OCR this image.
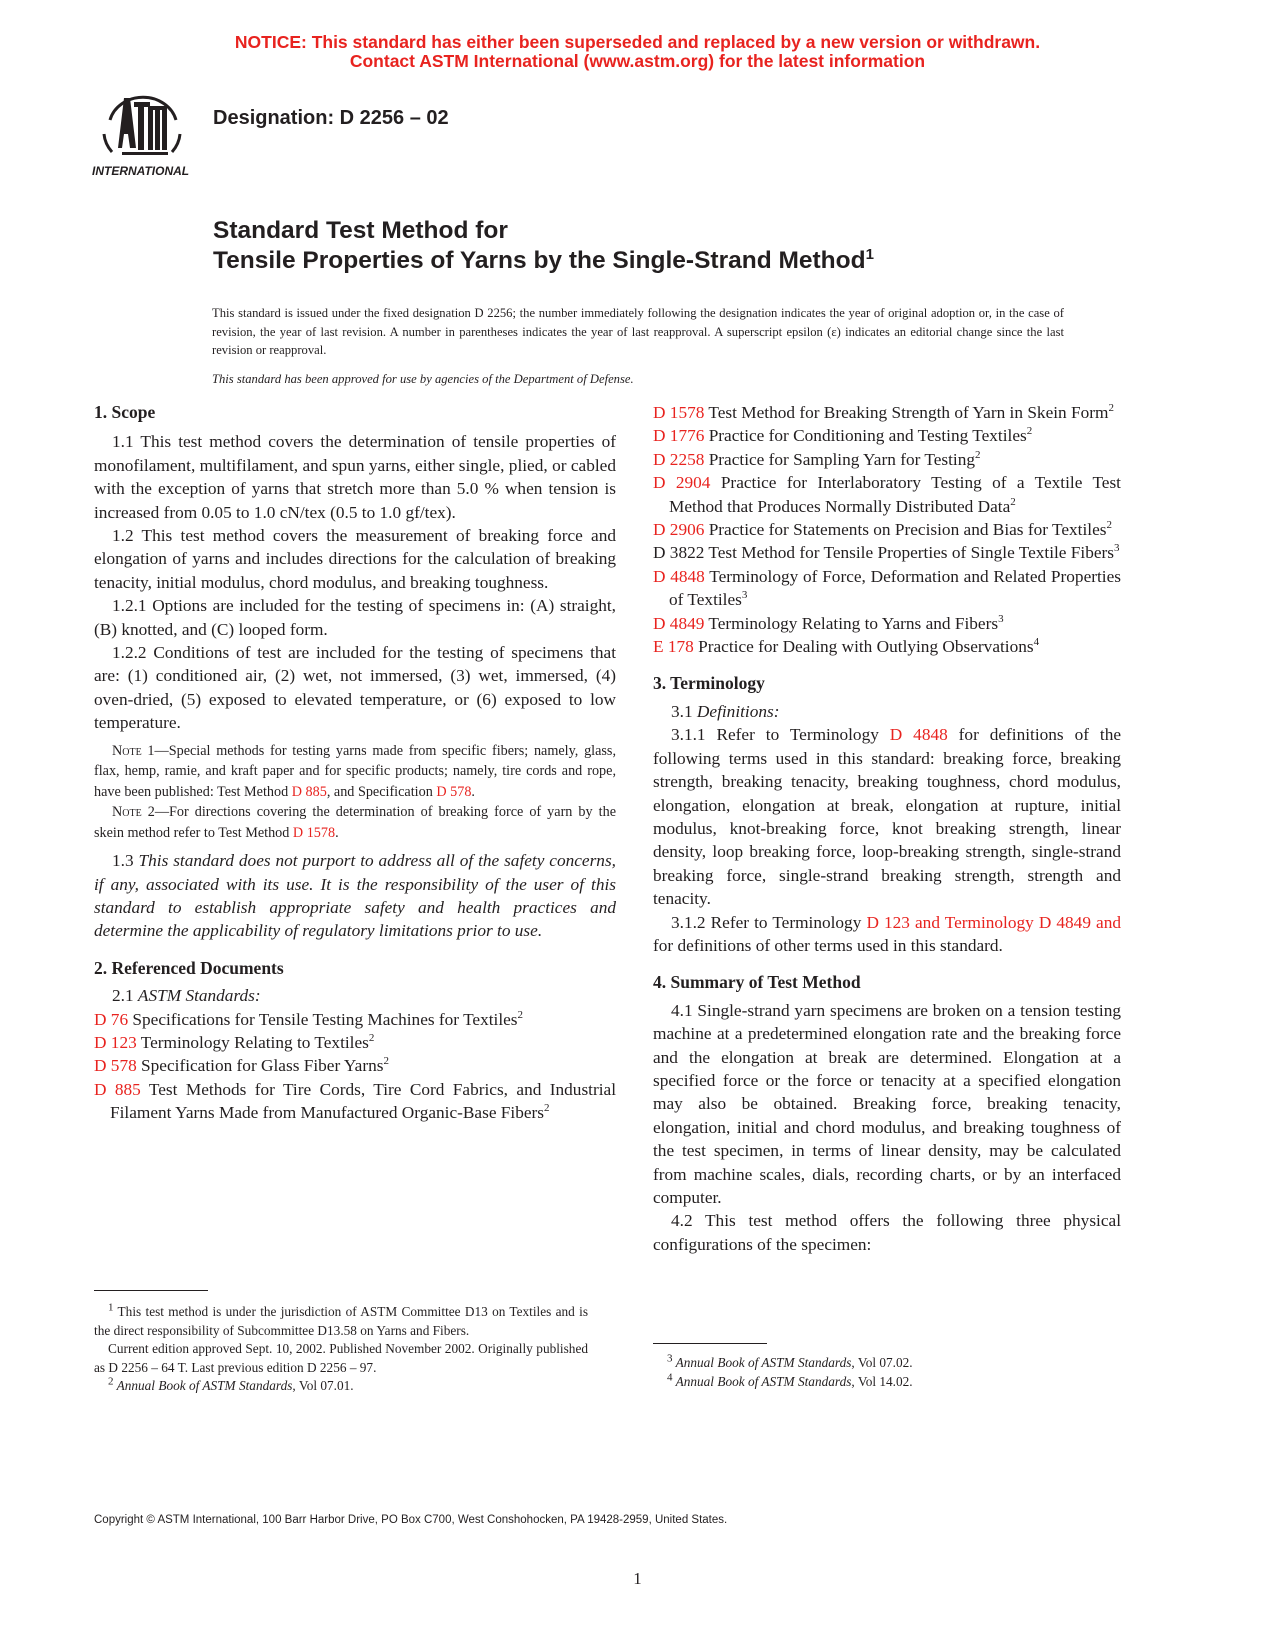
NOTICE: This standard has either been superseded and replaced by a new version or withdrawn.
Contact ASTM International (www.astm.org) for the latest information
INTERNATIONAL
Designation: D 2256 – 02
Standard Test Method for
Tensile Properties of Yarns by the Single-Strand Method$^1$
This standard is issued under the fixed designation D 2256; the number immediately following the designation indicates the year of original adoption or, in the case of revision, the year of last revision. A number in parentheses indicates the year of last reapproval. A superscript epsilon (ε) indicates an editorial change since the last revision or reapproval.
This standard has been approved for use by agencies of the Department of Defense.

1. Scope

1.1 This test method covers the determination of tensile properties of monofilament, multifilament, and spun yarns, either single, plied, or cabled with the exception of yarns that stretch more than 5.0 % when tension is increased from 0.05 to 1.0 cN/tex (0.5 to 1.0 gf/tex).

1.2 This test method covers the measurement of breaking force and elongation of yarns and includes directions for the calculation of breaking tenacity, initial modulus, chord modulus, and breaking toughness.

1.2.1 Options are included for the testing of specimens in: (A) straight, (B) knotted, and (C) looped form.

1.2.2 Conditions of test are included for the testing of specimens that are: (1) conditioned air, (2) wet, not immersed, (3) wet, immersed, (4) oven-dried, (5) exposed to elevated temperature, or (6) exposed to low temperature.

Note 1—Special methods for testing yarns made from specific fibers; namely, glass, flax, hemp, ramie, and kraft paper and for specific products; namely, tire cords and rope, have been published: Test Method D 885, and Specification D 578.

Note 2—For directions covering the determination of breaking force of yarn by the skein method refer to Test Method D 1578.

1.3 This standard does not purport to address all of the safety concerns, if any, associated with its use. It is the responsibility of the user of this standard to establish appropriate safety and health practices and determine the applicability of regulatory limitations prior to use.

2. Referenced Documents

2.1 ASTM Standards:

D 76 Specifications for Tensile Testing Machines for Textiles$^2$

D 123 Terminology Relating to Textiles$^2$

D 578 Specification for Glass Fiber Yarns$^2$

D 885 Test Methods for Tire Cords, Tire Cord Fabrics, and Industrial Filament Yarns Made from Manufactured Organic-Base Fibers$^2$

$^1$ This test method is under the jurisdiction of ASTM Committee D13 on Textiles and is the direct responsibility of Subcommittee D13.58 on Yarns and Fibers.

Current edition approved Sept. 10, 2002. Published November 2002. Originally published as D 2256 – 64 T. Last previous edition D 2256 – 97.

$^2$ Annual Book of ASTM Standards, Vol 07.01.

D 1578 Test Method for Breaking Strength of Yarn in Skein Form$^2$

D 1776 Practice for Conditioning and Testing Textiles$^2$

D 2258 Practice for Sampling Yarn for Testing$^2$

D 2904 Practice for Interlaboratory Testing of a Textile Test Method that Produces Normally Distributed Data$^2$

D 2906 Practice for Statements on Precision and Bias for Textiles$^2$

D 3822 Test Method for Tensile Properties of Single Textile Fibers$^3$

D 4848 Terminology of Force, Deformation and Related Properties of Textiles$^3$

D 4849 Terminology Relating to Yarns and Fibers$^3$

E 178 Practice for Dealing with Outlying Observations$^4$

3. Terminology

3.1 Definitions:

3.1.1 Refer to Terminology D 4848 for definitions of the following terms used in this standard: breaking force, breaking strength, breaking tenacity, breaking toughness, chord modulus, elongation, elongation at break, elongation at rupture, initial modulus, knot-breaking force, knot breaking strength, linear density, loop breaking force, loop-breaking strength, single-strand breaking force, single-strand breaking strength, strength and tenacity.

3.1.2 Refer to Terminology D 123 and Terminology D 4849 and for definitions of other terms used in this standard.

4. Summary of Test Method

4.1 Single-strand yarn specimens are broken on a tension testing machine at a predetermined elongation rate and the breaking force and the elongation at break are determined. Elongation at a specified force or the force or tenacity at a specified elongation may also be obtained. Breaking force, breaking tenacity, elongation, initial and chord modulus, and breaking toughness of the test specimen, in terms of linear density, may be calculated from machine scales, dials, recording charts, or by an interfaced computer.

4.2 This test method offers the following three physical configurations of the specimen:

$^3$ Annual Book of ASTM Standards, Vol 07.02.

$^4$ Annual Book of ASTM Standards, Vol 14.02.

Copyright © ASTM International, 100 Barr Harbor Drive, PO Box C700, West Conshohocken, PA 19428-2959, United States.
1
